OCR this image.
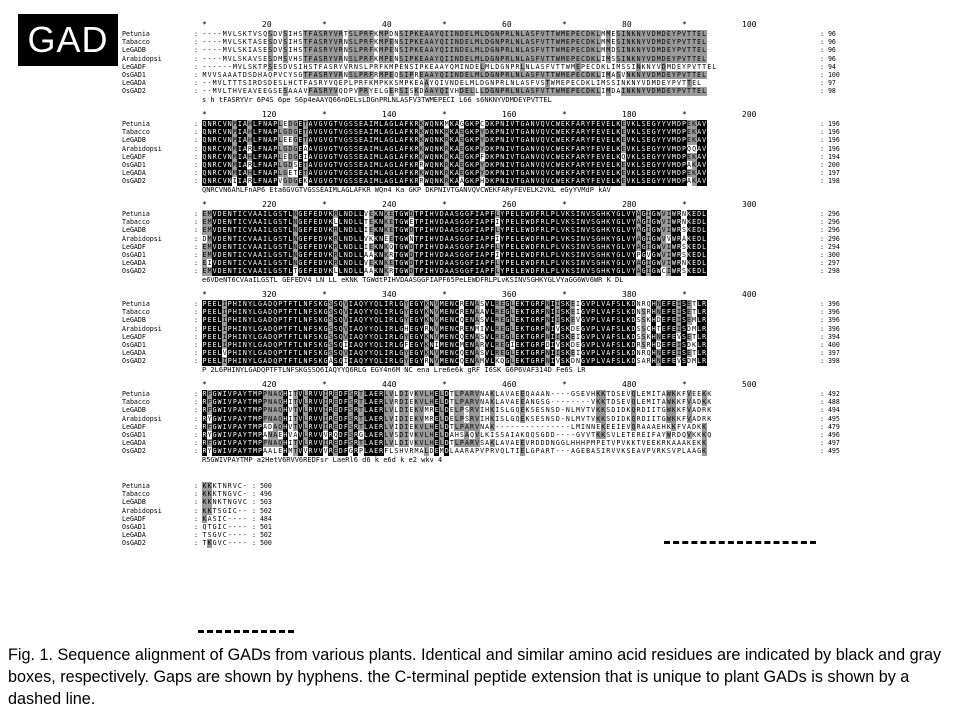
GAD	*	20	*	40	*	60	*	80	*	100
Petunia	: ----MVLSKTVSQSDVSIHSTFASRYVRTSLPRFKMPDNSIPKEAAYQIINDELMLDGNPRLNLASFVTTWMEPECDKLMMESINKNYVDMDEYPVTTEL	: 96
Tabacco	: ----MVLSKTASESDVSIHSTFASRYVRNSLPRFKMPENSIPKEAAYQIINDELMLDGNPRLNLASFVTTWMEPECDKLMMESINKNYVDMDEYPVTTEL	: 96
LeGADB	: ----MVLSKIASESDVSIHSTFASRYVRNSLPRFKMPENSIPKEAAYQIINDELMLDGNPRLNLASFVTTWMEPECDKLMMDSINKNYVDMDEYPVTTEL	: 96
Arabidopsi	: ----MVLSKAVSESDMSVHSTFASRYVRNSLPRFKMPENSIPKEAAYQIINDELMLDGNPRLNLASFVTTWMEPECDKLIMSSINKNYVDMDEYPVTTEL	: 96
LeGADF	: ------MVLSKTPSESDVSIHSTFASRYVRNSLPRFKMPENSIPKEAAYQMINDELMLDGNPRLNLASFVTTWMEPECDKLIMSSINKNYVDMDEYPVTTEL	: 94
OsGAD1	: MVVSAAATDSDHAQPVCYSGTFASRYVRNSLPRFRMPEQSIPREAAYQIINDELMLDGNPRLNLASFVTTWMEPECDKLIMASVNKNYVDMDEYPVTTEL	: 100
LeGADA	: --MVLTTTSIRDSDESLHCTFASRYVQEPLPRFKMPKKSMPKEAAYQIVNDELMLDGNPRLNLASFVSTWMEPECDKLIMSSINKNYVDMDEYPVTTEL	: 97
OsGAD2	: --MVLTHVEAVEEGSESAAAVFASRYVQDPVPRYELGERSISKDAAYQIVHDELLLDGNPRLNLASFVTTWMEPECDKLIMDAINKNYVDMDEYPVTTEL	: 98
s h tFASRYVr 6P4S 6pe S6p4eAAYQ66nDELsLDGnPRLNLASFV3TWMEPECI L66 s6NKNYVDMDEYPVTTEL
*	120	*	140	*	160	*	180	*	200
Petunia	: QNRCVNMIAHLFNAPLEDGETAVGVGTVGSSEAIMLAGLAFKRKWQNKMKAGGKPCDKPNIVTGANVQVCWEKFARYFEVELKEVKLSEGYYVMDPEKAV	: 196
Tabacco	: QNRCVNMIAHLFNAPLGDGETAVGVGTVGSSEAIMLAGLAFKRKWQNKRKAEGKPYDKPNIVTGANVQVCWEKFARYFEVELKEVKLSEGYYVMDPEKAV	: 196
LeGADB	: QNRCVNMIAHLFNAPLEEGETAVGVGTVGSSEAIMLAGLAFKRKWQNKRKAEGKPYDKPNIVTGANVQVCWEKFARYFEVELKEVKLSEGYYVMDPEKAV	: 196
Arabidopsi	: QNRCVNMIARLFNAPLGDGEAAVGVGTVGSSEAIMLAGLAFKRKWQNKRKAEGKPYDKPNIVTGANVQVCWEKFARYFEVELKEVKLSEGYYVMDPQQAV	: 196
LeGADF	: QNRCVNMIAHLFNAPLEDGEIAVGVGTVGSSEAIMLAGLAFKRKWQNKRKAEGKPFDKPNIVTGANVQVCWEKFARYFEVELKQVKLSEGYYVMDPEKAV	: 194
OsGAD1	: QNRCVNMIARLFNAPLGDSETAVGVGTVGSSEAIMLAGLAFKRRWQNKRKAEGKPYDKPNIVTGANVQVCWEKFARYFEVELKEVKLSEGYYVMDPAKAV	: 200
LeGADA	: QNRCVNMIAHLFNAPLGETETAVGVGTVGSSEAIMLAGLAFKRKWQNKRKAEGKPYDKPNIVTGANVQVCWEKFARYFEVELKEVKLSEGYYVMDPEKAV	: 197
OsGAD2	: QNRCVNIIARLFNAPVGDGEKAVGVGTVGSSEAIMLAGLAFKRRWQNKRKAAGKPHDKPNIVTGANVQVCWEKFARYFEVELKEVKLSEGYYVMDPAKAV	: 198
QNRCVN6AhLFnAP6 Eta6GVGTVGSSEAIMLAGLAFKR WQn4 Ka GKP DKPNIVTGANVQVCWEKFARyFEVELK2VKL eGyYVMdP kAV
*	220	*	240	*	260	*	280	*	300
Petunia	: EMVDENTICVAAILGSTLNGEFEDVKRLNDLLVEKNKETGWDTPIHVDAASGGFIAPFLYPELEWDFRLPLVKSINVSGHKYGLVYAGIGWVIWRNKEDL	: 296
Tabacco	: EMVDENTICVAAILGSTLNGEFEDVKLLNDLLTEKNKETGWETPIHVDAASGGFIAPFIYPELEWDFRLPLVKSINVSGHKYGLVYAGIGWVIWRNKEDL	: 296
LeGADB	: EMVDENTICVAAILGSTLNGEFEDVKRLNDLLIEKNKETGWDTPIHVDAASGGFIAPFLYPELEWDFRLPLVKSINVSGHKYGLVYAGIGWVIWRSKEDL	: 296
Arabidopsi	: DMVDENTICVAAILGSTLNGEFEDVKRLNDLLVKKNEETGWNTPIHVDAASGGFIAPFIYPELEWDFRLPLVKSINVSGHKYGLVYAGIGWVVWRAKEDL	: 296
LeGADF	: EMVDENTICVAAILGSTLNGEFEDVKRLNDLLIEKNKQTGWDTPIHVDAASGGFIAPFLYPELEWDFRLPLVKSINVSGHKYGLVYAGIGWVIWRSKEDL	: 294
OsGAD1	: EMVDENTICVAAILGSTLNGEFEDVKRLNDLLAAKNKRTGWDTPIHVDAASGGFIAPFIYPELEWDFRLPLVKSINVSGHKYGLVYPGVGWVIWRSKEDL	: 300
LeGADA	: EIVDENTICVAAILGSTLNGEFEDVKRLNDLLVEKNKETGWDTPIHVDAASGGFIAPFLYPELEWDFRLPLVKSINVSGHKYGLVYAGIGWVIWRNKEDL	: 297
OsGAD2	: EMVDENTICVAAILGSTLTGEFEDVKLLNDLLAAKNKRTGWDTPIHVDAASGGFIAPFLYPELEWDFRLPLVKSINVSGHKYGLVYAGIGWCIWRSKEDL	: 298
e6VDeNT6CVAaILGSTL GEFEDV4 LN LL eKNK TGWdtPIHVDAASGGFIAPF65PeLEWDFRLPLvKSINVSGHKYGLVYaGG6WV6WR K DL
*	320	*	340	*	360	*	380	*	400
Petunia	: PEELIPHINYLGADQPTFTLNFSKGSSQVIAQYYQLIRLGYEGYKNVMENCRENASVLREGLEKTGRFNIISKEIGVPLVAFSLKDNRQHNEFEISETLR	: 396
Tabacco	: PEELIPHINYLGADQPTFTLNFSKGSSQVIAQYYQLIRLGYEGYKNVMENCRENAAVLREGLEKTGRFNIISKEIGVPLVAFSLKDNSRHNEFEISETLR	: 396
LeGADB	: PEELIPHINYLGADQPTFTLNFSKGSSQVIAQYYQLIRLGYEGYKNVMENCQENASVLREGLEKTGRFNIISKEVGVPLVAFSLKDSSKHDEFEISEMLR	: 396
Arabidopsi	: PEELIPHINYLGADQPTFTLNFSKGSSQVIAQYYQLIRLGHEGYRNVMENCRENMIVLREGLEKTGRFNIVSKDEGVPLVAFSLKDSSCHTEFEISDMLR	: 396
LeGADF	: PEELIPHINYLGADQPTFTLNFSKGSSQVIAQYYQLIRLGYEGYKNVMENCQENASVLREGLEKTGRFNIISKEIGVPLVAFSLKDSSKHNEFEVSETLR	: 394
OsGAD1	: PEELIPHINYLGADQPTFTLNFSKGSSQIIAQYYQLIRLGFEGYKNIMENCMENARVLREGIEKTGRFDIVSKDEGVPLVAFSLKDRSRHDEFEISDKLR	: 400
LeGADA	: PEELVPHINYLGADQPTFTLNFSKGSSQVIAQYYQLIRLGYEGYKNVMENCQENASVLREGLEKTGRFNIISKEIGVPLVAFSLKDNRQHNEFEISETLR	: 397
OsGAD2	: PEELIPHINYLGADQPTFTLNFSKGASQIIAQYYQLIRLGYEGYRNVMENCQENAMVLKQGLEKTGRFNIVSKDNGVPLVAFSLKDSARHNEFEVSDMLR	: 398
P 2L6PHINYLGADQPTFTLNFSKGSSQ6IAQYYQ6RLG EGY4n6M NC ena Lre6e6k gRF I6SK G6P6VAF314D Fe6S LR
*	420	*	440	*	460	*	480	*	500
Petunia	: RFGWIVPAYTMPPNAQHITVLRVVIREDFSRTLAERLVLDIVKVLHELDTLPARVNAKLAVAEEQAAAN----GSEVHKKTDSEVQLEMITAWKKFVEEKK	: 492
Tabacco	: RFGWIVPAYTMPPNAQHITVLRVVIREDFSRTLAERLVRDIEKVLHELDTLPARVNAKLAVAEEANGSG--------VKKTDSEVQLEMITAWKKFVADKK	: 488
LeGADB	: RFGWIVPAYTMPPNAQHVTVLRVVIREDFSRTLAERLVLDIEKVMRELDELPSRVIHKISLGQEKSESNSD-NLMVTVKKSDIDKQRDIITGWKKFVADRK	: 494
Arabidopsi	: RYGWIVPAYTMPPNAQHITVLRVVIREDFSRTLAERLVIDIEKVMRELDELPSRVIHKISLGQEKSESNSD-NLMVTVKKSDIDKQRDIITGWKKFVADRK	: 495
LeGADF	: RFGWIVPAYTMPADAQHVTVLRVVIREDFSRTLAERLVIDIEKVLHELDTLPARVNAK---------------LMINNEKEEIEVQRAAAEHKKFVADKK	: 479
OsGAD1	: RYGWIVPAYTMPANAEHVAVLRVVVRQDFSRGLAERLVSDIVKVLHELDAHSAQVLKISSAIAKQQSGDD----GVVTKKSVLETEREIFAYWRDQVKKKQ	: 496
LeGADA	: RFGWIVPAYTMPPNAQHITVLRVVIREDFSRTLAERLVLDIVKVLHELDTLPARVSAKLAVAEEVRDDDNGGLHHHPMPETVPVKKTVEEKRKAAAKEKK	: 497
OsGAD2	: RYGWIVPAYTMPAALEHMTVVRVVVREDFGRPLAERFLSHVRMALDEMDLAARAPVPRVQLTIELGPART---AGEBASIRVVKSEAVPVRKSVPLAAGK	: 495
R5GWIVPAYTMP a2HetV6RVV6REDFsr LaeRl6 d6 k e6d k e2 wkv 4
Petunia	: KKKTNRVC- : 500
Tabacco	: KKKTNGVC- : 496
LeGADB	: KKNKTNGVC : 503
Arabidopsi	: KKTSGIC-- : 502
LeGADF	: KASIC---- : 484
OsGAD1	: QTGIC---- : 501
LeGADA	: TSGVC---- : 502
OsGAD2	: TKGVC---- : 500
Fig. 1. Sequence alignment of GADs from various plants. Identical and similar amino acid residues are indicated by black and gray boxes, respectively. Gaps are shown by hyphens. the C-terminal peptide extension that is unique to plant GADs is shown by a dashed line.
